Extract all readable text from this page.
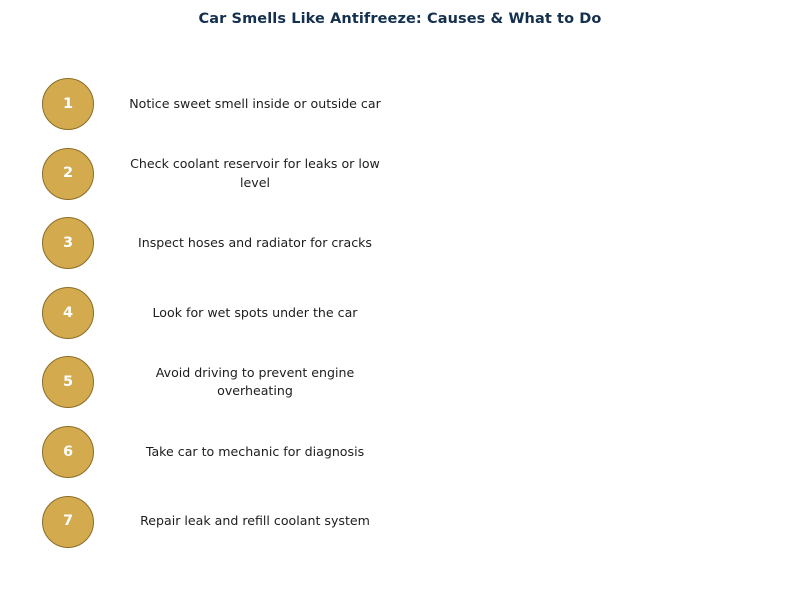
Car Smells Like Antifreeze: Causes & What to Do
1	Notice sweet smell inside or outside car
2
Check coolant reservoir for leaks or low level
3	Inspect hoses and radiator for cracks
4	Look for wet spots under the car
5
Avoid driving to prevent engine overheating
6	Take car to mechanic for diagnosis
7	Repair leak and refill coolant system
